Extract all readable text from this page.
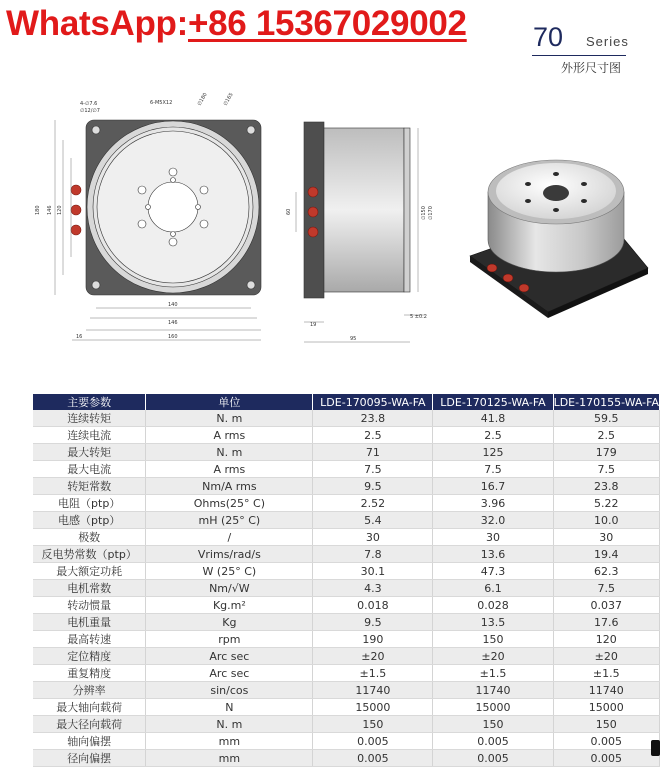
WhatsApp:+86 15367029002 70 Series
外形尺寸图
4-∅7.6
∅12/∅7
6-M5X12	∅180	∅165
180 146 120
140
146
160
16
60	∅170
∅150
19
95
5 ±0.2
主要参数	单位	LDE-170095-WA-FA	LDE-170125-WA-FA	LDE-170155-WA-FA
连续转矩	N. m	23.8	41.8	59.5
连续电流	A rms	2.5	2.5	2.5
最大转矩	N. m	71	125	179
最大电流	A rms	7.5	7.5	7.5
转矩常数	Nm/A rms	9.5	16.7	23.8
电阻（ptp）	Ohms(25° C)	2.52	3.96	5.22
电感（ptp）	mH (25° C)	5.4	32.0	10.0
极数	/	30	30	30
反电势常数（ptp）	Vrims/rad/s	7.8	13.6	19.4
最大额定功耗	W (25° C)	30.1	47.3	62.3
电机常数	Nm/√W	4.3	6.1	7.5
转动惯量	Kg.m²	0.018	0.028	0.037
电机重量	Kg	9.5	13.5	17.6
最高转速	rpm	190	150	120
定位精度	Arc sec	±20	±20	±20
重复精度	Arc sec	±1.5	±1.5	±1.5
分辨率	sin/cos	11740	11740	11740
最大轴向载荷	N	15000	15000	15000
最大径向载荷	N. m	150	150	150
轴向偏摆	mm	0.005	0.005	0.005
径向偏摆	mm	0.005	0.005	0.005
